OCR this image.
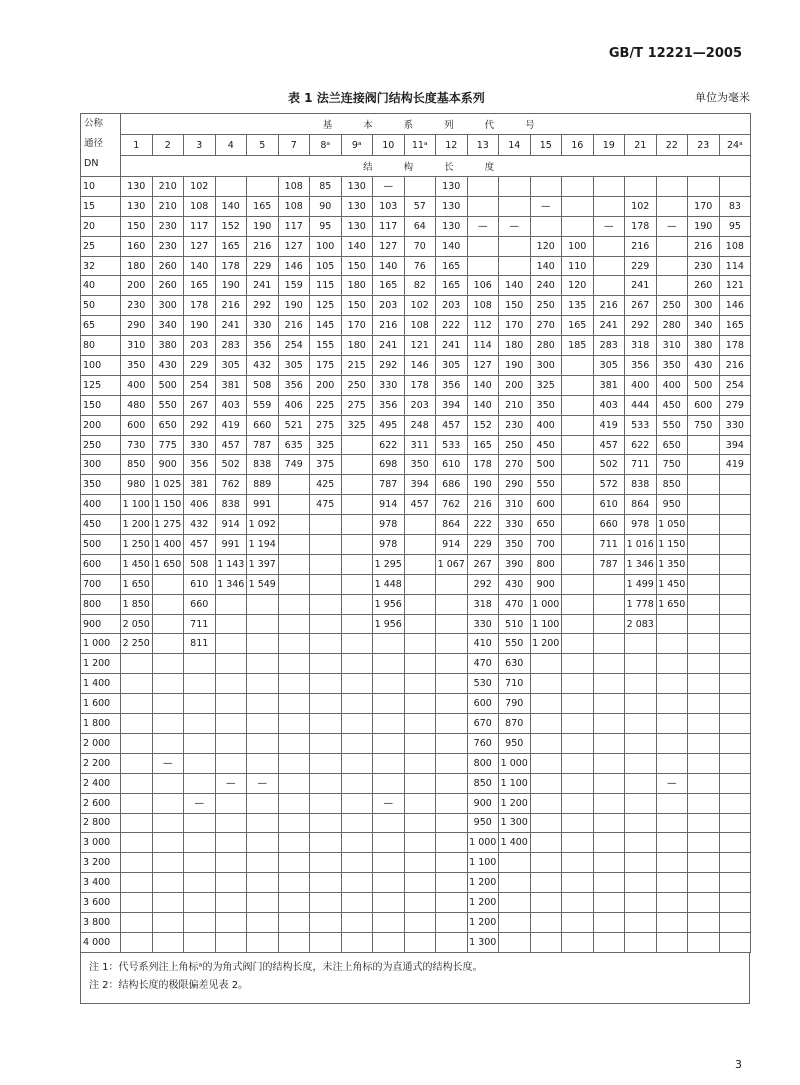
GB/T 12221—2005
表 1 法兰连接阀门结构长度基本系列	单位为毫米
公称
通径
DN	基 本 系 列 代 号																			
	1	2	3	4	5	7	8ᵃ	9ᵃ	10	11ᵃ	12	13	14	15	16	19	21	22	23	24ᵃ
	结 构 长 度																			
10	130	210	102			108	85	130	—		130									
15	130	210	108	140	165	108	90	130	103	57	130			—			102		170	83
20	150	230	117	152	190	117	95	130	117	64	130	—	—			—	178	—	190	95
25	160	230	127	165	216	127	100	140	127	70	140			120	100		216		216	108
32	180	260	140	178	229	146	105	150	140	76	165			140	110		229		230	114
40	200	260	165	190	241	159	115	180	165	82	165	106	140	240	120		241		260	121
50	230	300	178	216	292	190	125	150	203	102	203	108	150	250	135	216	267	250	300	146
65	290	340	190	241	330	216	145	170	216	108	222	112	170	270	165	241	292	280	340	165
80	310	380	203	283	356	254	155	180	241	121	241	114	180	280	185	283	318	310	380	178
100	350	430	229	305	432	305	175	215	292	146	305	127	190	300		305	356	350	430	216
125	400	500	254	381	508	356	200	250	330	178	356	140	200	325		381	400	400	500	254
150	480	550	267	403	559	406	225	275	356	203	394	140	210	350		403	444	450	600	279
200	600	650	292	419	660	521	275	325	495	248	457	152	230	400		419	533	550	750	330
250	730	775	330	457	787	635	325		622	311	533	165	250	450		457	622	650		394
300	850	900	356	502	838	749	375		698	350	610	178	270	500		502	711	750		419
350	980	1 025	381	762	889		425		787	394	686	190	290	550		572	838	850		
400	1 100	1 150	406	838	991		475		914	457	762	216	310	600		610	864	950		
450	1 200	1 275	432	914	1 092				978		864	222	330	650		660	978	1 050		
500	1 250	1 400	457	991	1 194				978		914	229	350	700		711	1 016	1 150		
600	1 450	1 650	508	1 143	1 397				1 295		1 067	267	390	800		787	1 346	1 350		
700	1 650		610	1 346	1 549				1 448			292	430	900			1 499	1 450		
800	1 850		660						1 956			318	470	1 000			1 778	1 650		
900	2 050		711						1 956			330	510	1 100			2 083			
1 000	2 250		811									410	550	1 200						
1 200												470	630							
1 400												530	710							
1 600												600	790							
1 800												670	870							
2 000												760	950							
2 200		—										800	1 000							
2 400				—	—							850	1 100					—		
2 600			—						—			900	1 200							
2 800												950	1 300							
3 000												1 000	1 400							
3 200												1 100								
3 400												1 200								
3 600												1 200								
3 800												1 200								
4 000												1 300								
注 1：代号系列注上角标ᵃ的为角式阀门的结构长度，未注上角标的为直通式的结构长度。
注 2：结构长度的极限偏差见表 2。
3
